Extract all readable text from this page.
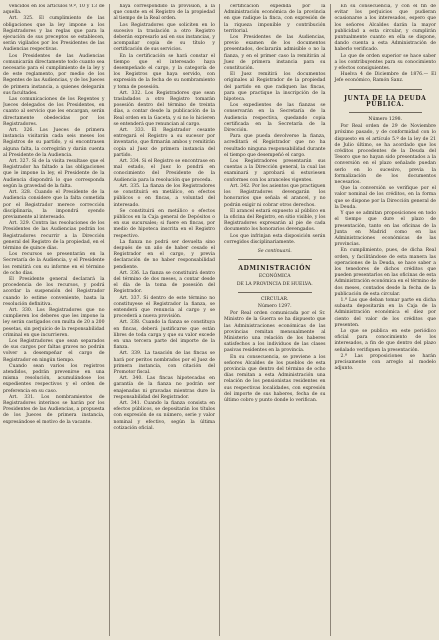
vencidos en los artículos 9.º, 10 y 13 de aquella.

Art. 325. El cumplimiento de las obligaciones que la ley impone a los Registradores y las reglas que para la ejecución de sus preceptos se establecen, serán vigilados por los Presidentes de las Audiencias respectivas.

Los Presidentes de las Audiencias comunicarán directamente todo cuanto sea necesario para el cumplimiento de la ley y de este reglamento, por medio de los Regentes de las Audiencias, y de los Jueces de primera instancia, a quienes delegarán sus facultades.

Las comunicaciones de los Regentes y Jueces delegados de los Presidentes, en cuanto al servicio que les encargan, serán directamente obedecidas por los Registradores.

Art. 326. Los Jueces de primera instancia visitarán cada seis meses los Registros de su partido, y si encontrasen alguna falta, la corregirán y darán cuenta al Presidente de la Audiencia.

Art. 327. Si de la visita resultase que el Registrador ha faltado a las obligaciones que le impone la ley, el Presidente de la Audiencia dispondrá lo que corresponda según la gravedad de la falta.

Art. 328. Cuando el Presidente de la Audiencia considere que la falta cometida por el Registrador merece corrección disciplinaria, la impondrá oyendo previamente al interesado.

Art. 329. Contra las resoluciones de los Presidentes de las Audiencias podrán los Registradores recurrir a la Dirección general del Registro de la propiedad, en el término de quince días.

Los recursos se presentarán en la Secretaría de la Audiencia, y el Presidente los remitirá con su informe en el término de ocho días.

El Presidente general declarará la procedencia de los recursos, y podrá acordar la suspensión del Registrador cuando lo estime conveniente, hasta la resolución definitiva.

Art. 330. Los Registradores que no cumplieren los deberes que les impone la ley serán castigados con multa de 20 a 200 pesetas, sin perjuicio de la responsabilidad criminal en que incurrieren.

Los Registradores que sean separados de sus cargos por faltas graves no podrán volver a desempeñar el cargo de Registrador en ningún tiempo.

Cuando sean varios los registros atendidos, podrán prevenirse en una misma resolución, acumulándose los expedientes respectivos y el orden de preferencia en su caso.

Art. 331. Los nombramientos de Registradores interinos se harán por los Presidentes de las Audiencias, a propuesta de los Jueces de primera instancia, expresándose el motivo de la vacante.

haya correspondido la provisión, a la que conste en el Registro de la propiedad al tiempo de la Real orden.

Los Registradores que soliciten en lo sucesivo la traslación a otro Registro deberán expresarlo así en sus instancias, y acompañar copia de su título y certificación de sus servicios.

En la certificación se hará constar el tiempo que el interesado haya desempeñado el cargo, y la categoría de los Registros que haya servido, con expresión de la fecha de su nombramiento y toma de posesión.

Art. 332. Los Registradores que sean trasladados a otro Registro tomarán posesión dentro del término de treinta días, a contar desde la publicación de la Real orden en la Gaceta, y si no lo hicieren se entenderá que renuncian al cargo.

Art. 333. El Registrador cesante entregará el Registro a su sucesor por inventario, que firmarán ambos y remitirán copia al Juez de primera instancia del partido.

Art. 334. Si el Registro se encontrase en mal estado, el Juez lo pondrá en conocimiento del Presidente de la Audiencia para la resolución que proceda.

Art. 335. La fianza de los Registradores se constituirá en metálico, en efectos públicos o en fincas, a voluntad del interesado.

Se constituirá en metálico o efectos públicos en la Caja general de Depósitos o en sus sucursales; si fuere en fincas, por medio de hipoteca inscrita en el Registro respectivo.

La fianza no podrá ser devuelta sino después de un año de haber cesado el Registrador en el cargo, y previa declaración de no haber responsabilidad pendiente.

Art. 336. La fianza se constituirá dentro del término de dos meses, a contar desde el día de la toma de posesión del Registrador.

Art. 337. Si dentro de este término no constituyese el Registrador la fianza, se entenderá que renuncia al cargo y se procederá a nueva provisión.

Art. 338. Cuando la fianza se constituya en fincas, deberá justificarse que están libres de toda carga y que su valor excede en una tercera parte del importe de la fianza.

Art. 339. La tasación de las fincas se hará por peritos nombrados por el Juez de primera instancia, con citación del Promotor fiscal.

Art. 340. Las fincas hipotecadas en garantía de la fianza no podrán ser enajenadas ni gravadas mientras dure la responsabilidad del Registrador.

Art. 341. Cuando la fianza consista en efectos públicos, se depositarán los títulos con expresión de su número, serie y valor nominal y efectivo, según la última cotización oficial.

certificación expedida por la Administración económica de la provincia en que radique la finca, con expresión de la riqueza imponible y contribución territorial.

Los Presidentes de las Audiencias, previo examen de los documentos presentados, declararán admisible o no la fianza, y en el primer caso la remitirán al Juez de primera instancia para su constitución.

El Juez remitirá los documentos originales al Registrador de la propiedad del partido en que radiquen las fincas, para que practique la inscripción de la hipoteca.

Los expedientes de las fianzas se conservarán en la Secretaría de la Audiencia respectiva, quedando copia certificada en la Secretaría de la Dirección.

Para que pueda devolverse la fianza, acreditará el Registrador que no ha resultado ninguna responsabilidad durante el tiempo que desempeñó el cargo.

Los Registradores presentarán sus cuentas a la Dirección general, la cual las examinará y aprobará si estuviesen conformes con los aranceles vigentes.

Art. 342. Por los asientos que practiquen los Registradores devengarán los honorarios que señala el arancel, y no podrán exigir ni cobrar otros derechos.

El arancel estará expuesto al público en la oficina del Registro, en sitio visible, y los Registradores expresarán al pie de cada documento los honorarios devengados.

Los que infrinjan esta disposición serán corregidos disciplinariamente.

Se continuará.

ADMINISTRACIÓN

ECONÓMICA

DE LA PROVINCIA DE HUELVA.

CIRCULAR.

Número 1297.

Por Real orden comunicada por el Sr. Ministro de la Guerra se ha dispuesto que las Administraciones económicas de las provincias remitan mensualmente al Ministerio una relación de los haberes satisfechos a los individuos de las clases pasivas residentes en la provincia.

En su consecuencia, se previene a los señores Alcaldes de los pueblos de esta provincia que dentro del término de ocho días remitan a esta Administración una relación de los pensionistas residentes en sus respectivas localidades, con expresión del importe de sus haberes, fecha de su último cobro y punto donde lo verifican.

En su consecuencia, y con el fin de evitar los perjuicios que pudieran ocasionarse a los interesados, espero que los señores Alcaldes darán la mayor publicidad a esta circular, y cumplirán puntualmente cuanto en ella se dispone, dando cuenta a esta Administración de haberlo verificado.

Lo que de orden superior se hace saber a los contribuyentes para su conocimiento y efectos consiguientes.

Huelva 4 de Diciembre de 1876.— El Jefe económico, Ramón Sanz.

JUNTA DE LA DEUDA PÚBLICA.

Número 1298.

Por Real orden de 29 de Noviembre próximo pasado, y de conformidad con lo dispuesto en el artículo 5.º de la ley de 21 de Julio último, se ha acordado que los créditos procedentes de la Deuda del Tesoro que no hayan sido presentados a la conversión en el plazo señalado puedan serlo en lo sucesivo, previa la formalización de los documentos necesarios.

Que la conversión se verifique por el valor nominal de los créditos, en la forma que se dispone por la Dirección general de la Deuda.

Y que se admitan proposiciones en todo el tiempo que dure el plazo de presentación, tanto en las oficinas de la Junta en Madrid como en las Administraciones económicas de las provincias.

En cumplimiento, pues, de dicha Real orden, y facilitándose de esta manera las operaciones de la Deuda, se hace saber a los tenedores de dichos créditos que pueden presentarlos en las oficinas de esta Administración económica en el término de dos meses, contados desde la fecha de la publicación de esta circular.

1.ª Las que deban tomar parte en dicha subasta depositarán en la Caja de la Administración económica el diez por ciento del valor de los créditos que presenten.

Lo que se publica en este periódico oficial para conocimiento de los interesados, a fin de que dentro del plazo señalado verifiquen la presentación.

2.ª Las proposiciones se harán precisamente con arreglo al modelo adjunto.
